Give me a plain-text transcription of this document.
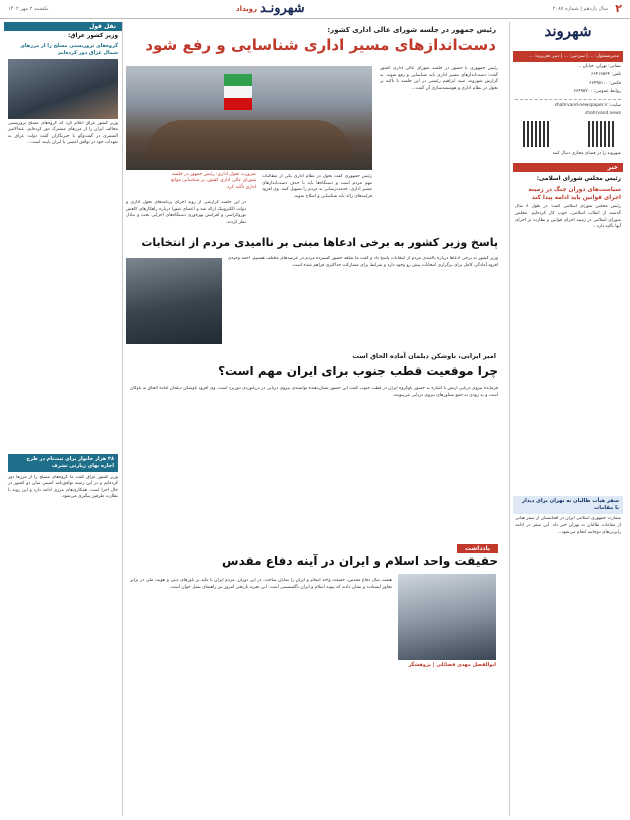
۲
سال یازدهم | شماره ۲۰۸۷
رویداد شهرونـد
یکشنبه ۲ مهر ۱۴۰۲
شهروند
مدیرمسئول: ... | سردبیر: ... | دبیر تحریریه: ...
نشانی: تهران، خیابان ...
تلفن: ۶۶۴۱۳۵۳۴
فکس: ۶۶۴۹۵۱۰۰
روابط عمومی: ۶۶۴۹۵۲۰۰
سایت: shahrvand-newspaper.ir
shahrvand.news
شهروند را در فضای مجازی دنبال کنید
خبر
رئیس مجلس شورای اسلامی:
سیاست‌های دوران جنگ در زمینه اجرای قوانین باید ادامه پیدا کند
رئیس مجلس شورای اسلامی گفت: در طول ۸ سال گذشته از انقلاب اسلامی، خوب کار کرده‌ایم. مجلس شورای اسلامی در زمینه اجرای قوانین و نظارت بر اجرای آنها تأکید دارد...
سفر هیأت طالبان به تهران برای دیدار با مقامات
سفارت جمهوری اسلامی ایران در افغانستان از سفر هیأتی از مقامات طالبان به تهران خبر داد. این سفر در ادامه رایزنی‌های دوجانبه انجام می‌شود...
نقل قول
وزیر کشور عراق:
گروه‌های تروریستی مسلح را از مرزهای شمال عراق دور کرده‌ایم
وزیر کشور عراق اعلام کرد که گروه‌های مسلح تروریستی مخالف ایران را از مرزهای مشترک دور کرده‌ایم. عبدالامیر الشمری در گفت‌وگو با خبرنگاران گفت دولت عراق به تعهدات خود در توافق امنیتی با ایران پایبند است...
۳۸ هزار خانوار برای ثبت‌نام در طرح اجاره بهای زیارتی تشرف
وزیر کشور عراق گفت ما گروه‌های مسلح را از مرزها دور کرده‌ایم و در این زمینه توافق‌نامه امنیتی میان دو کشور در حال اجرا است. همکاری‌های مرزی ادامه دارد و این روند با نظارت طرفین پیگیری می‌شود.
رئیس جمهور در جلسه شورای عالی اداری کشور:
دست‌اندازهای مسیر اداری شناسایی و رفع شود
رئیس جمهوری با حضور در جلسه شورای عالی اداری کشور گفت: دست‌اندازهای مسیر اداری باید شناسایی و رفع شوند. به گزارش شهروند، سید ابراهیم رئیسی در این جلسه با تأکید بر تحول در نظام اداری و هوشمندسازی آن گفت...
ضرورت تحول اداری: رئیس جمهور در جلسه شورای عالی اداری کشور، بر شناسایی موانع اداری تأکید کرد.
رئیس جمهوری گفت تحول در نظام اداری یکی از مطالبات مهم مردم است و دستگاه‌ها باید با حذف دست‌اندازهای مسیر اداری، خدمت‌رسانی به مردم را تسهیل کنند. وی افزود فرایندهای زائد باید شناسایی و اصلاح شوند.
در این جلسه گزارشی از روند اجرای برنامه‌های تحول اداری و دولت الکترونیک ارائه شد و اعضای شورا درباره راهکارهای کاهش بوروکراسی و افزایش بهره‌وری دستگاه‌های اجرایی بحث و تبادل نظر کردند.
پاسخ وزیر کشور به برخی ادعاها مبنی بر ناامیدی مردم از انتخابات
وزیر کشور به برخی ادعاها درباره ناامیدی مردم از انتخابات پاسخ داد و گفت ما شاهد حضور گسترده مردم در عرصه‌های مختلف هستیم. احمد وحیدی افزود آمادگی کامل برای برگزاری انتخابات پیش رو وجود دارد و شرایط برای مشارکت حداکثری فراهم شده است.
امیر ایرانی، ناوشکن دیلمان آماده الحاق است
چرا موقعیت قطب جنوب برای ایران مهم است؟
فرمانده نیروی دریایی ارتش با اشاره به حضور ناوگروه ایران در قطب جنوب گفت این حضور نشان‌دهنده توانمندی نیروی دریایی در دریانوردی دوربرد است. وی افزود ناوشکن دیلمان آماده الحاق به ناوگان است و به زودی به جمع شناورهای نیروی دریایی می‌پیوندد.
یادداشت
حقیقت واحد اسلام و ایران در آینه دفاع مقدس
ابوالفضل مهدی فضائلی | پژوهشگر
هشت سال دفاع مقدس، حقیقت واحد اسلام و ایران را نمایان ساخت. در این دوران، مردم ایران با تکیه بر باورهای دینی و هویت ملی در برابر تجاوز ایستادند و نشان دادند که پیوند اسلام و ایران ناگسستنی است. این تجربه تاریخی امروز نیز راهنمای نسل جوان است.
